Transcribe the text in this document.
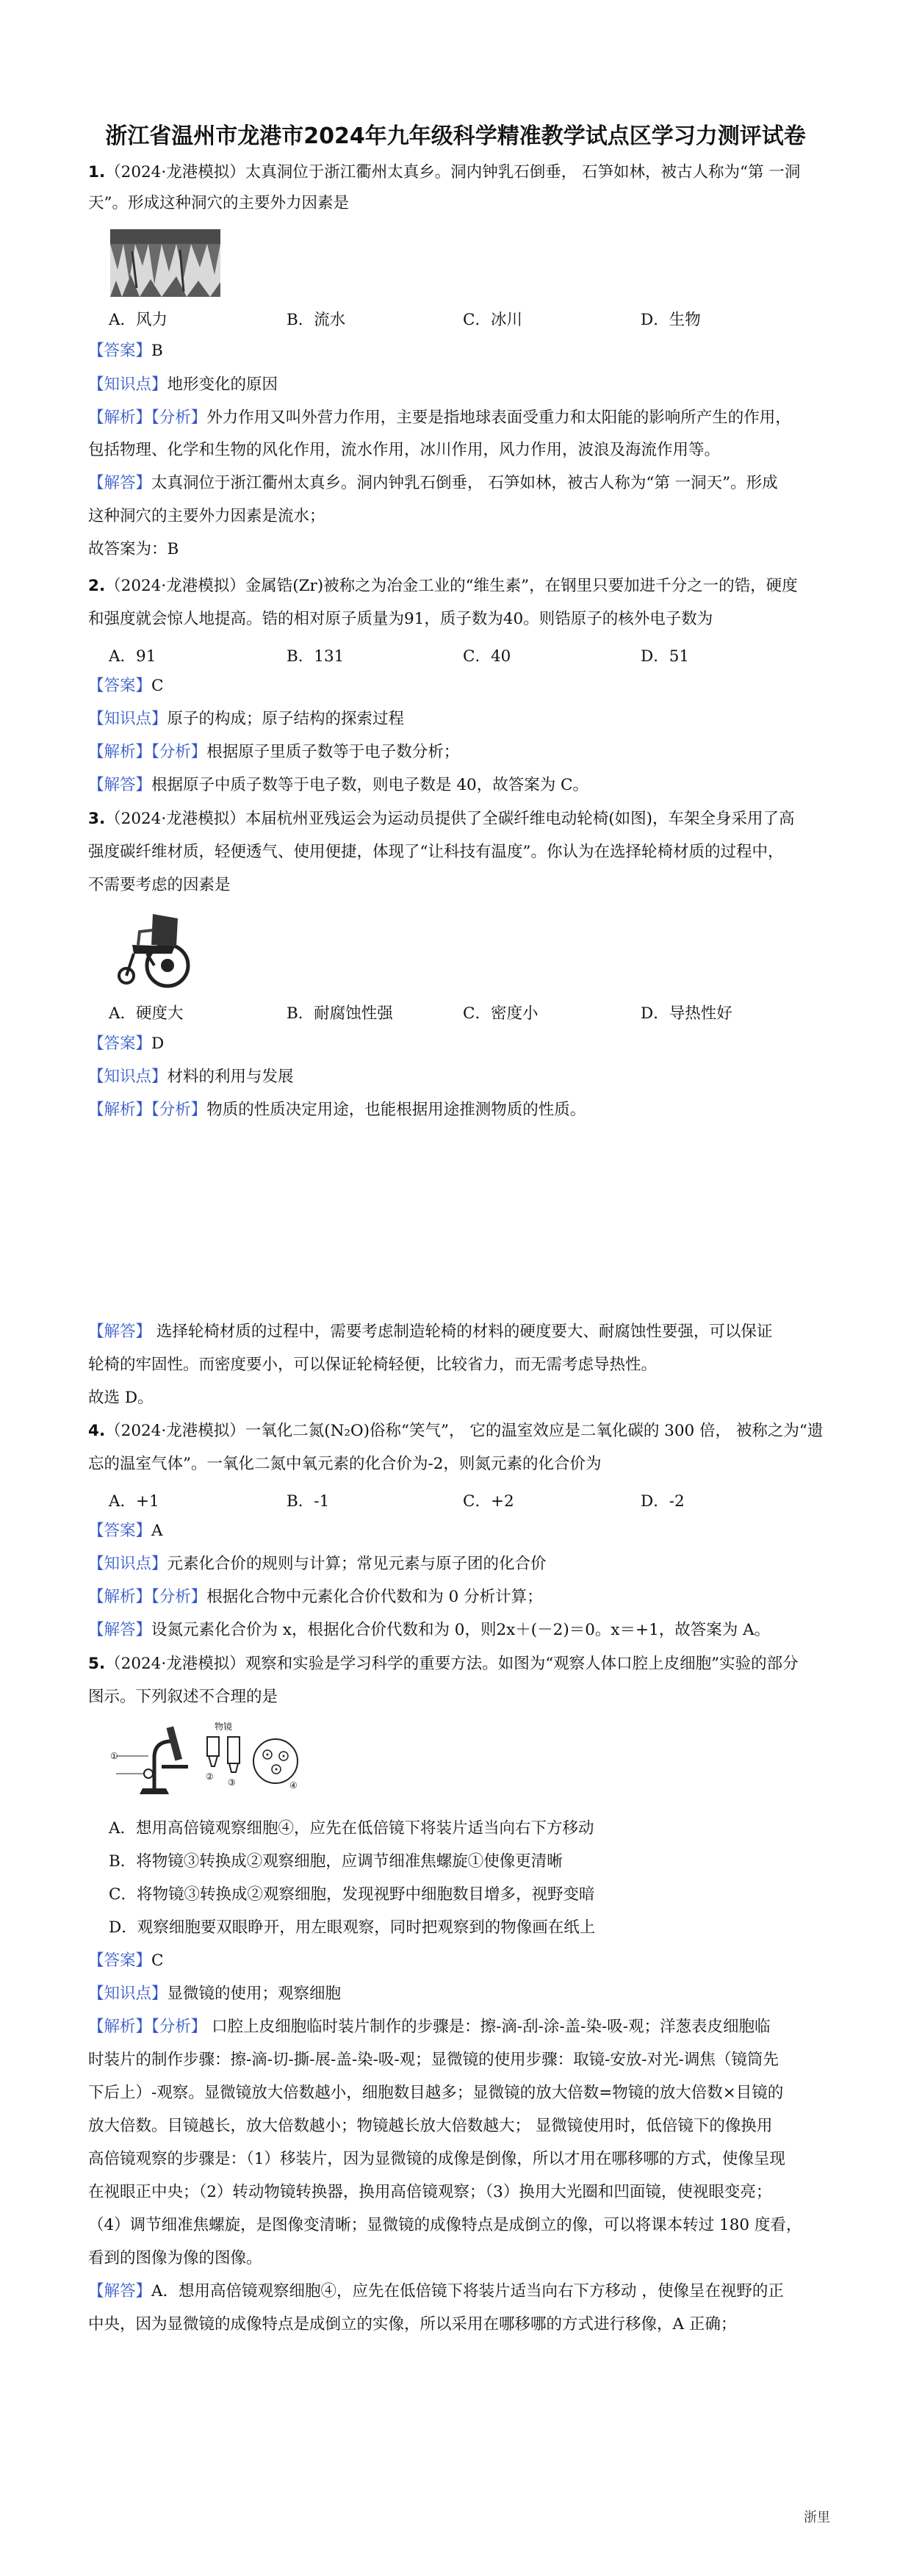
浙江省温州市龙港市2024年九年级科学精准教学试点区学习力测评试卷
1.（2024·龙港模拟）太真洞位于浙江衢州太真乡。洞内钟乳石倒垂， 石笋如林，被古人称为“第 一洞
天”。形成这种洞穴的主要外力因素是
A．风力	B．流水	C．冰川	D．生物
【答案】B
【知识点】地形变化的原因
【解析】【分析】外力作用又叫外营力作用，主要是指地球表面受重力和太阳能的影响所产生的作用，
包括物理、化学和生物的风化作用，流水作用，冰川作用，风力作用，波浪及海流作用等。
【解答】太真洞位于浙江衢州太真乡。洞内钟乳石倒垂， 石笋如林，被古人称为“第 一洞天”。形成
这种洞穴的主要外力因素是流水；
故答案为：B
2.（2024·龙港模拟）金属锆(Zr)被称之为冶金工业的“维生素”，在钢里只要加进千分之一的锆，硬度
和强度就会惊人地提高。锆的相对原子质量为91，质子数为40。则锆原子的核外电子数为
A．91	B．131	C．40	D．51
【答案】C
【知识点】原子的构成；原子结构的探索过程
【解析】【分析】根据原子里质子数等于电子数分析；
【解答】根据原子中质子数等于电子数，则电子数是 40，故答案为 C。
3.（2024·龙港模拟）本届杭州亚残运会为运动员提供了全碳纤维电动轮椅(如图)，车架全身采用了高
强度碳纤维材质，轻便透气、使用便捷，体现了“让科技有温度”。你认为在选择轮椅材质的过程中，
不需要考虑的因素是
A．硬度大	B．耐腐蚀性强	C．密度小	D．导热性好
【答案】D
【知识点】材料的利用与发展
【解析】【分析】物质的性质决定用途，也能根据用途推测物质的性质。
【解答】 选择轮椅材质的过程中，需要考虑制造轮椅的材料的硬度要大、耐腐蚀性要强，可以保证
轮椅的牢固性。而密度要小，可以保证轮椅轻便，比较省力，而无需考虑导热性。
故选 D。
4.（2024·龙港模拟）一氧化二氮(N₂O)俗称“笑气”， 它的温室效应是二氧化碳的 300 倍， 被称之为“遗
忘的温室气体”。一氧化二氮中氧元素的化合价为-2，则氮元素的化合价为
A．+1	B．-1	C．+2	D．-2
【答案】A
【知识点】元素化合价的规则与计算；常见元素与原子团的化合价
【解析】【分析】根据化合物中元素化合价代数和为 0 分析计算；
【解答】设氮元素化合价为 x，根据化合价代数和为 0，则2x＋(－2)＝0。x＝+1，故答案为 A。
5.（2024·龙港模拟）观察和实验是学习科学的重要方法。如图为“观察人体口腔上皮细胞”实验的部分
图示。下列叙述不合理的是
①
物镜
②
③	④
A．想用高倍镜观察细胞④，应先在低倍镜下将装片适当向右下方移动
B．将物镜③转换成②观察细胞，应调节细准焦螺旋①使像更清晰
C．将物镜③转换成②观察细胞，发现视野中细胞数目增多，视野变暗
D．观察细胞要双眼睁开，用左眼观察，同时把观察到的物像画在纸上
【答案】C
【知识点】显微镜的使用；观察细胞
【解析】【分析】 口腔上皮细胞临时装片制作的步骤是：擦-滴-刮-涂-盖-染-吸-观；洋葱表皮细胞临
时装片的制作步骤：擦-滴-切-撕-展-盖-染-吸-观；显微镜的使用步骤：取镜-安放-对光-调焦（镜筒先
下后上）-观察。显微镜放大倍数越小，细胞数目越多；显微镜的放大倍数=物镜的放大倍数×目镜的
放大倍数。目镜越长，放大倍数越小；物镜越长放大倍数越大； 显微镜使用时，低倍镜下的像换用
高倍镜观察的步骤是：（1）移装片，因为显微镜的成像是倒像，所以才用在哪移哪的方式，使像呈现
在视眼正中央；（2）转动物镜转换器，换用高倍镜观察；（3）换用大光圈和凹面镜，使视眼变亮；
（4）调节细准焦螺旋，是图像变清晰；显微镜的成像特点是成倒立的像，可以将课本转过 180 度看，
看到的图像为像的图像。
【解答】A．想用高倍镜观察细胞④，应先在低倍镜下将装片适当向右下方移动 ，使像呈在视野的正
中央，因为显微镜的成像特点是成倒立的实像，所以采用在哪移哪的方式进行移像，A 正确；
浙里
